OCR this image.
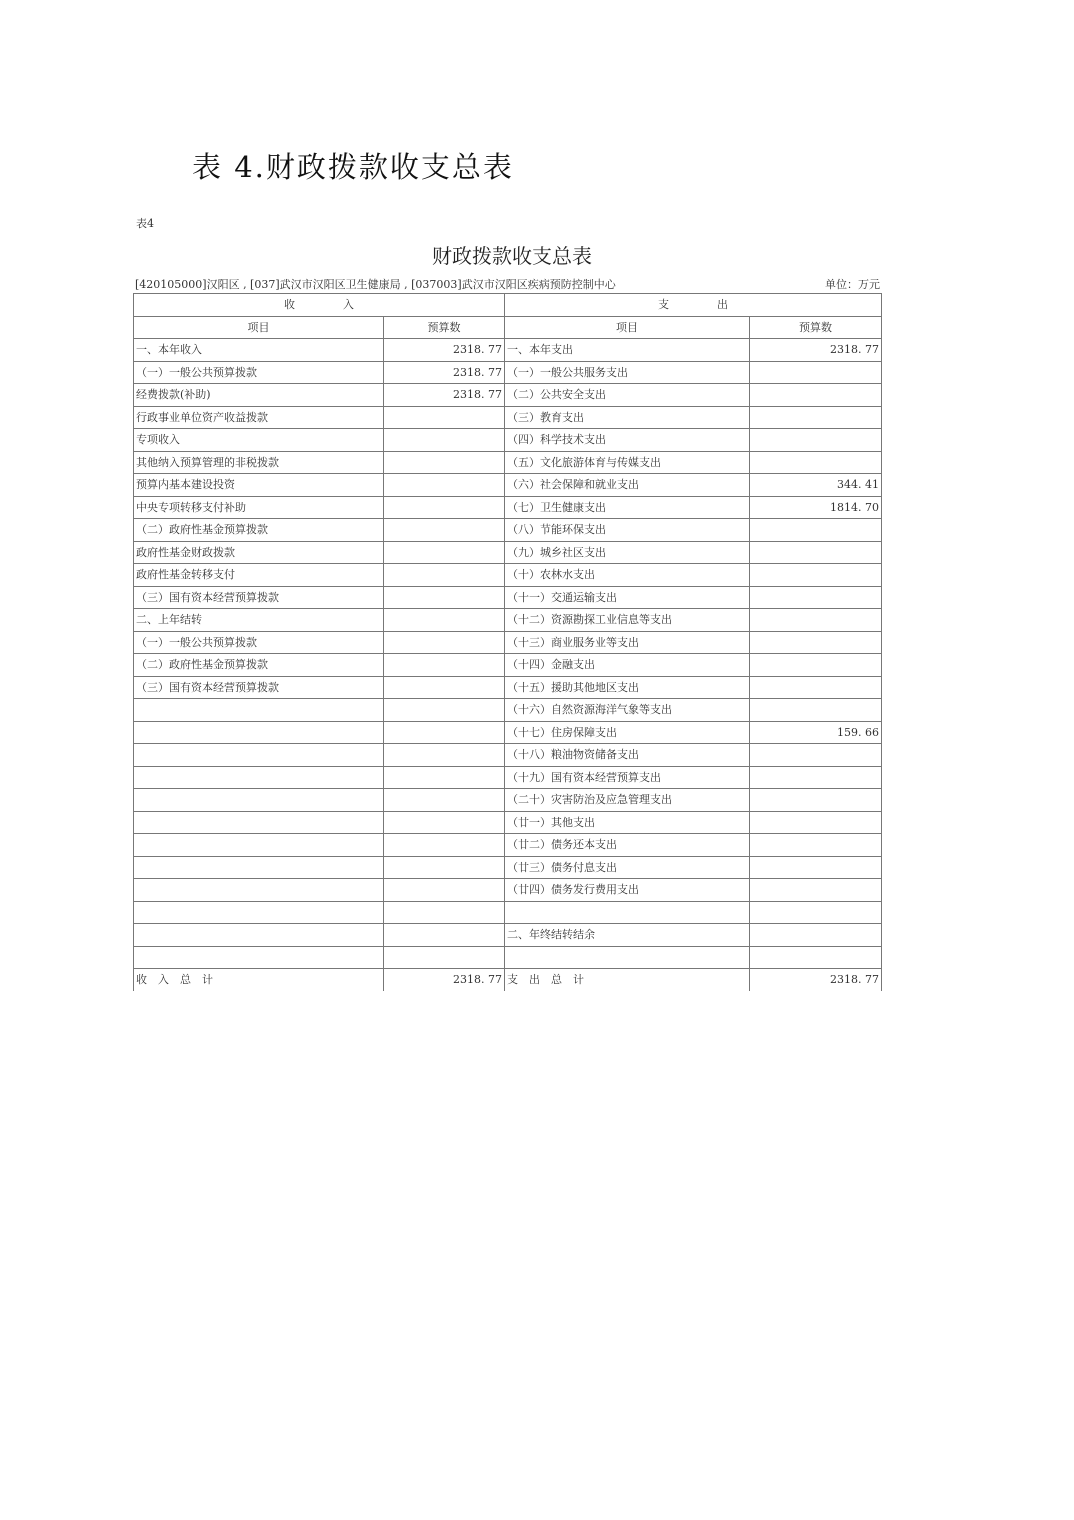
表 4.财政拨款收支总表
表4
财政拨款收支总表
[420105000]汉阳区 , [037]武汉市汉阳区卫生健康局 , [037003]武汉市汉阳区疾病预防控制中心	单位：万元
收 入		支 出	
项目	预算数	项目	预算数
一、本年收入	2318. 77	一、本年支出	2318. 77
（一）一般公共预算拨款	2318. 77	（一）一般公共服务支出	
经费拨款(补助)	2318. 77	（二）公共安全支出	
行政事业单位资产收益拨款		（三）教育支出	
专项收入		（四）科学技术支出	
其他纳入预算管理的非税拨款		（五）文化旅游体育与传媒支出	
预算内基本建设投资		（六）社会保障和就业支出	344. 41
中央专项转移支付补助		（七）卫生健康支出	1814. 70
（二）政府性基金预算拨款		（八）节能环保支出	
政府性基金财政拨款		（九）城乡社区支出	
政府性基金转移支付		（十）农林水支出	
（三）国有资本经营预算拨款		（十一）交通运输支出	
二、上年结转		（十二）资源勘探工业信息等支出	
（一）一般公共预算拨款		（十三）商业服务业等支出	
（二）政府性基金预算拨款		（十四）金融支出	
（三）国有资本经营预算拨款		（十五）援助其他地区支出	
		（十六）自然资源海洋气象等支出	
		（十七）住房保障支出	159. 66
		（十八）粮油物资储备支出	
		（十九）国有资本经营预算支出	
		（二十）灾害防治及应急管理支出	
		（廿一）其他支出	
		（廿二）债务还本支出	
		（廿三）债务付息支出	
		（廿四）债务发行费用支出	

		二、年终结转结余	

收　入　总　计	2318. 77	支　出　总　计	2318. 77
